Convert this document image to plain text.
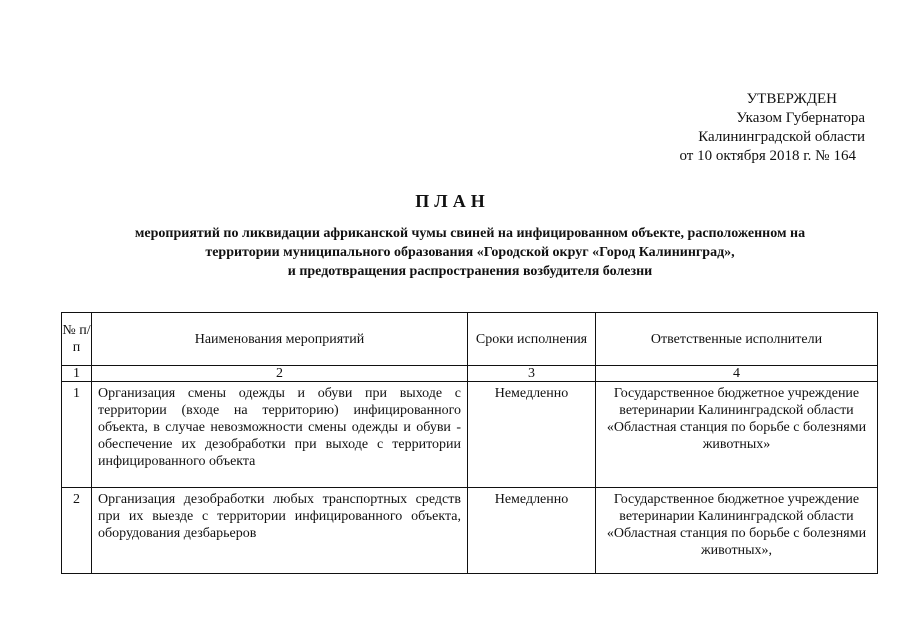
УТВЕРЖДЕН
Указом Губернатора
Калининградской области
от 10 октября 2018 г. № 164
ПЛАН
мероприятий по ликвидации африканской чумы свиней на инфицированном объекте, расположенном на
территории муниципального образования «Городской округ «Город Калининград»,
и предотвращения распространения возбудителя болезни
№ п/п	Наименования мероприятий	Сроки исполнения	Ответственные исполнители
1	2	3	4
1	Организация смены одежды и обуви при выходе с территории (входе на территорию) инфицированного объекта, в случае невозможности смены одежды и обуви - обеспечение их дезобработки при выходе с территории инфицированного объекта	Немедленно	Государственное бюджетное учреждение ветеринарии Калининградской области «Областная станция по борьбе с болезнями животных»
2	Организация дезобработки любых транспортных средств при их выезде с территории инфицированного объекта, оборудования дезбарьеров	Немедленно	Государственное бюджетное учреждение ветеринарии Калининградской области «Областная станция по борьбе с болезнями животных»,
